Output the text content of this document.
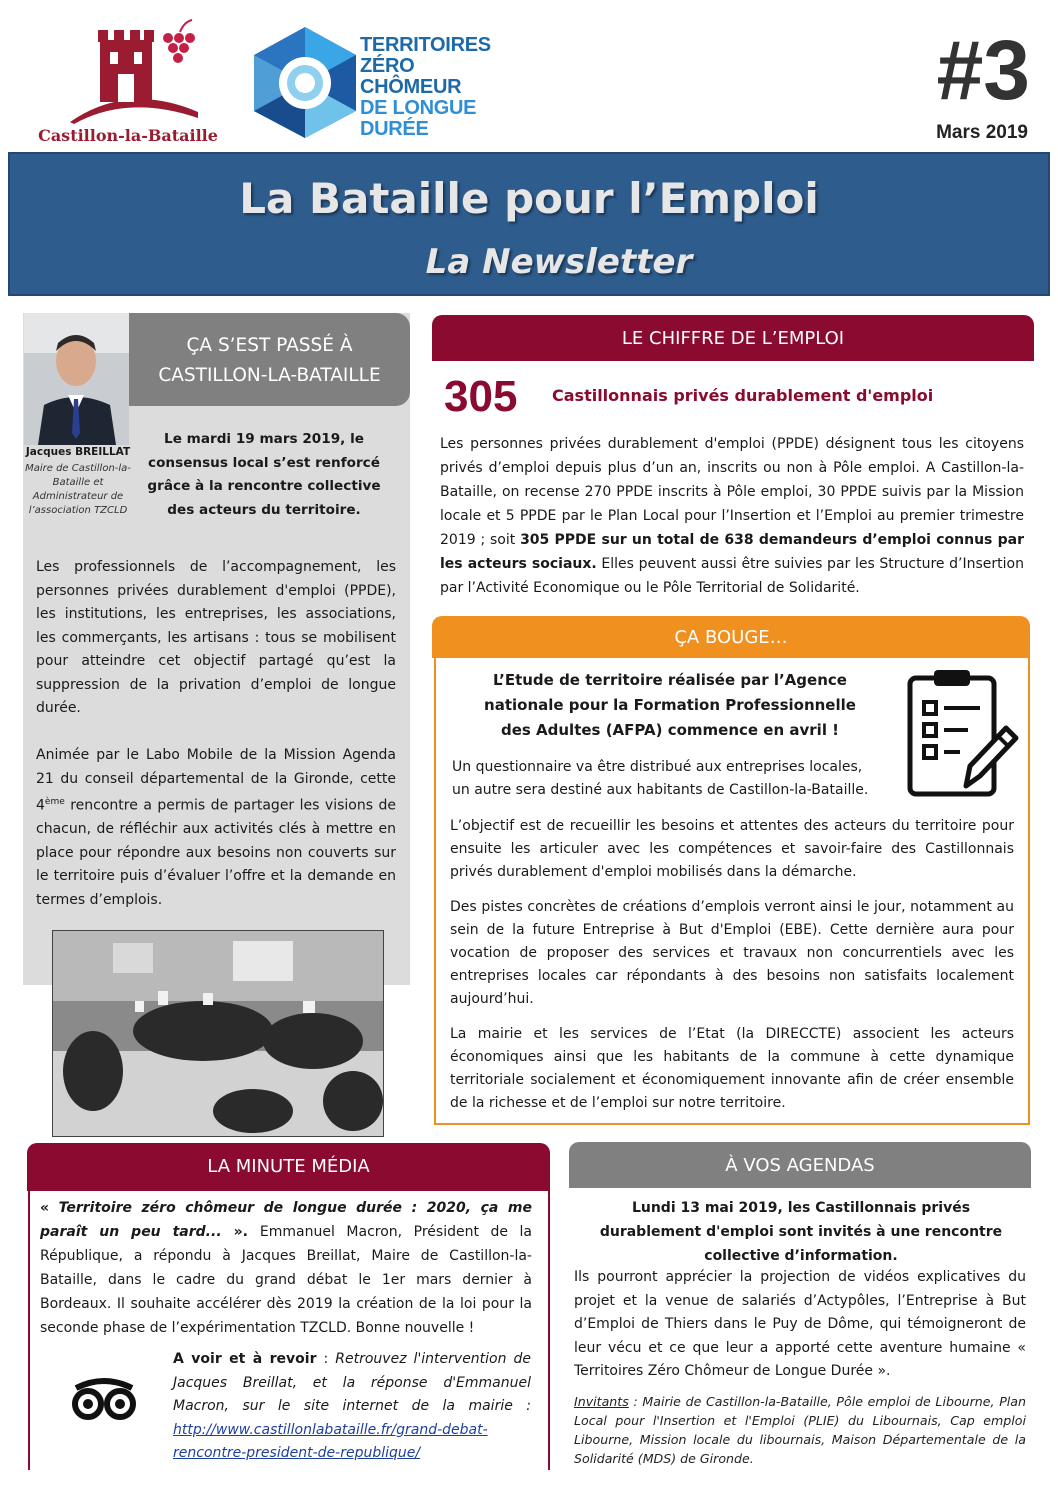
Castillon-la-Bataille
TERRITOIRES
ZÉRO CHÔMEUR
DE LONGUE
DURÉE
#3
Mars 2019
La Bataille pour l’Emploi
La Newsletter
Jacques BREILLAT
Maire de Castillon-la-Bataille et Administrateur de l’association TZCLD
ÇA S’EST PASSÉ À
CASTILLON-LA-BATAILLE
Le mardi 19 mars 2019, le consensus local s’est renforcé grâce à la rencontre collective des acteurs du territoire.

Les professionnels de l’accompagnement, les personnes privées durablement d'emploi (PPDE), les institutions, les entreprises, les associations, les commerçants, les artisans : tous se mobilisent pour atteindre cet objectif partagé qu’est la suppression de la privation d’emploi de longue durée.

Animée par le Labo Mobile de la Mission Agenda 21 du conseil départemental de la Gironde, cette 4ème rencontre a permis de partager les visions de chacun, de réfléchir aux activités clés à mettre en place pour répondre aux besoins non couverts sur le territoire puis d’évaluer l’offre et la demande en termes d’emplois.

LE CHIFFRE DE L’EMPLOI
305 Castillonnais privés durablement d'emploi
Les personnes privées durablement d'emploi (PPDE) désignent tous les citoyens privés d’emploi depuis plus d’un an, inscrits ou non à Pôle emploi. A Castillon-la-Bataille, on recense 270 PPDE inscrits à Pôle emploi, 30 PPDE suivis par la Mission locale et 5 PPDE par le Plan Local pour l’Insertion et l’Emploi au premier trimestre 2019 ; soit 305 PPDE sur un total de 638 demandeurs d’emploi connus par les acteurs sociaux. Elles peuvent aussi être suivies par les Structure d’Insertion par l’Activité Economique ou le Pôle Territorial de Solidarité.
ÇA BOUGE…
L’Etude de territoire réalisée par l’Agence nationale pour la Formation Professionnelle des Adultes (AFPA) commence en avril !
Un questionnaire va être distribué aux entreprises locales, un autre sera destiné aux habitants de Castillon-la-Bataille.

L’objectif est de recueillir les besoins et attentes des acteurs du territoire pour ensuite les articuler avec les compétences et savoir-faire des Castillonnais privés durablement d'emploi mobilisés dans la démarche.

Des pistes concrètes de créations d’emplois verront ainsi le jour, notamment au sein de la future Entreprise à But d'Emploi (EBE). Cette dernière aura pour vocation de proposer des services et travaux non concurrentiels avec les entreprises locales car répondants à des besoins non satisfaits localement aujourd’hui.

La mairie et les services de l’Etat (la DIRECCTE) associent les acteurs économiques ainsi que les habitants de la commune à cette dynamique territoriale socialement et économiquement innovante afin de créer ensemble de la richesse et de l’emploi sur notre territoire.

LA MINUTE MÉDIA
« Territoire zéro chômeur de longue durée : 2020, ça me paraît un peu tard... ». Emmanuel Macron, Président de la République, a répondu à Jacques Breillat, Maire de Castillon-la-Bataille, dans le cadre du grand débat le 1er mars dernier à Bordeaux. Il souhaite accélérer dès 2019 la création de la loi pour la seconde phase de l’expérimentation TZCLD. Bonne nouvelle !
A voir et à revoir : Retrouvez l'intervention de Jacques Breillat, et la réponse d'Emmanuel Macron, sur le site internet de la mairie : http://www.castillonlabataille.fr/grand-debat-rencontre-president-de-republique/
À VOS AGENDAS
Lundi 13 mai 2019, les Castillonnais privés durablement d'emploi sont invités à une rencontre collective d’information.
Ils pourront apprécier la projection de vidéos explicatives du projet et la venue de salariés d’Actypôles, l’Entreprise à But d’Emploi de Thiers dans le Puy de Dôme, qui témoigneront de leur vécu et ce que leur a apporté cette aventure humaine « Territoires Zéro Chômeur de Longue Durée ».
Invitants : Mairie de Castillon-la-Bataille, Pôle emploi de Libourne, Plan Local pour l'Insertion et l'Emploi (PLIE) du Libournais, Cap emploi Libourne, Mission locale du libournais, Maison Départementale de la Solidarité (MDS) de Gironde.
